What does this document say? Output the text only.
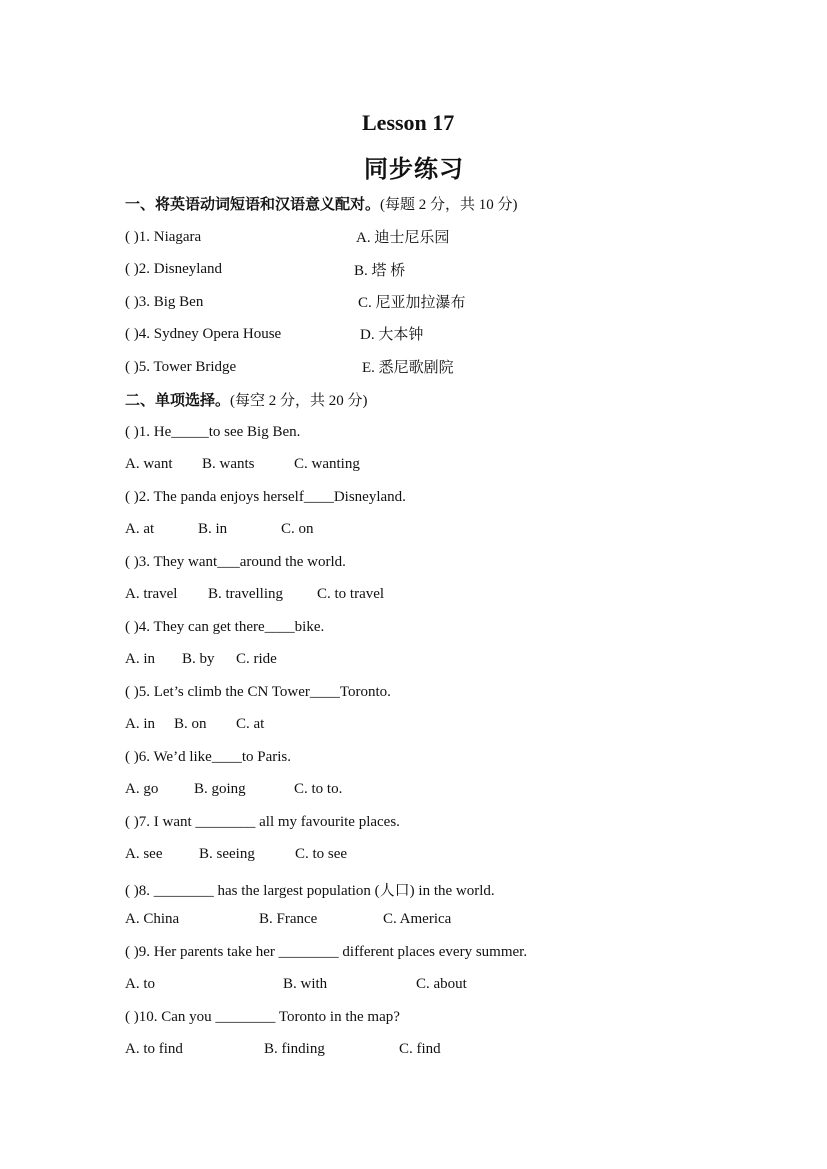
Lesson 17
同步练习
一、将英语动词短语和汉语意义配对。(每题 2 分，共 10 分)
( )1. Niagara	A. 迪士尼乐园
( )2. Disneyland	B. 塔 桥
( )3. Big Ben	C. 尼亚加拉瀑布
( )4. Sydney Opera House	D. 大本钟
( )5. Tower Bridge	E. 悉尼歌剧院
二、单项选择。(每空 2 分，共 20 分)
( )1. He_____to see Big Ben.
A. want B. wants	C. wanting
( )2. The panda enjoys herself____Disneyland.
A. at	B. in	C. on
( )3. They want___around the world.
A. travel B. travelling C. to travel
( )4. They can get there____bike.
A. in B. by C. ride
( )5. Let’s climb the CN Tower____Toronto.
A. in B. on C. at
( )6. We’d like____to Paris.
A. go B. going	C. to to.
( )7. I want ________ all my favourite places.
A. see B. seeing	C. to see
( )8. ________ has the largest population (人口) in the world.
A. China	B. France	C. America
( )9. Her parents take her ________ different places every summer.
A. to	B. with	C. about
( )10. Can you ________ Toronto in the map?
A. to find	B. finding	C. find
